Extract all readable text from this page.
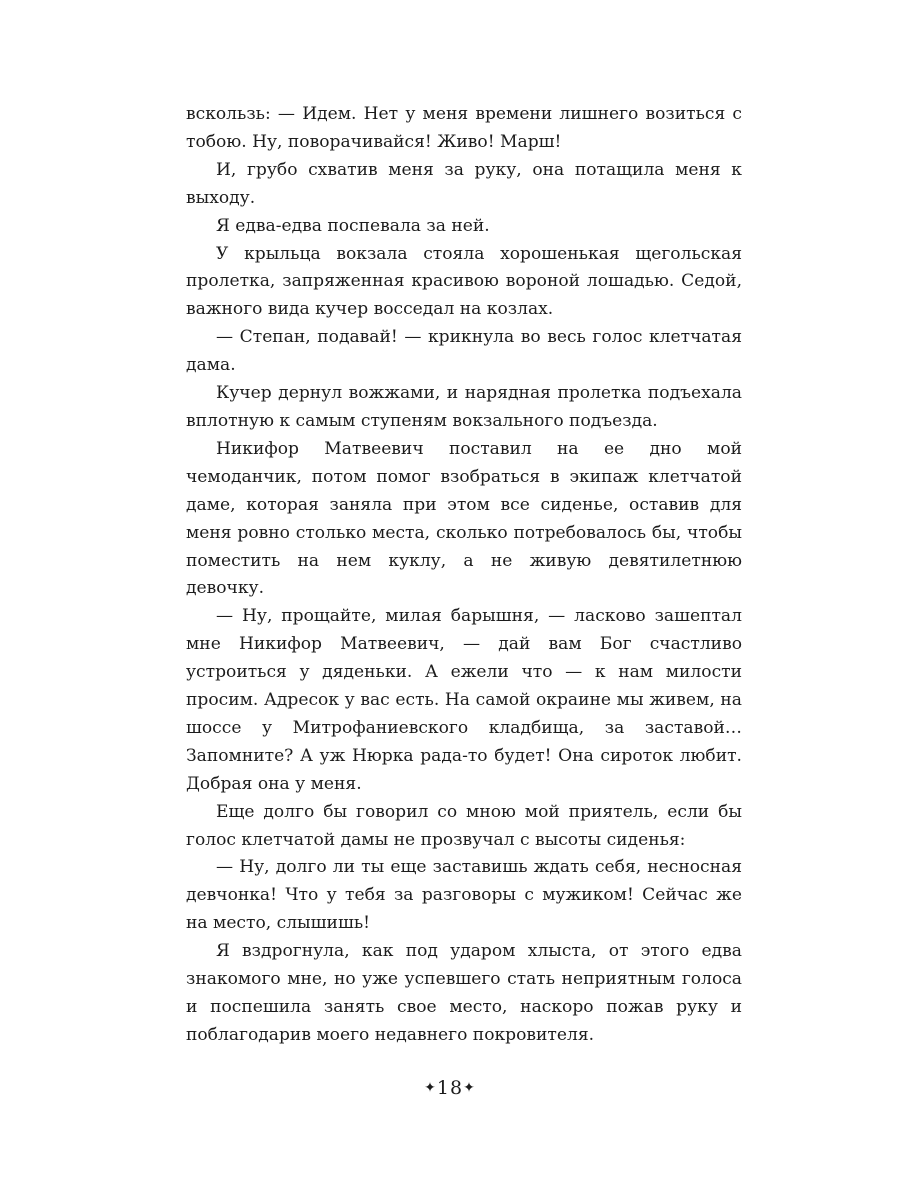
вскользь: — Идем. Нет у меня времени лишнего возиться с тобою. Ну, поворачивайся! Живо! Марш!

И, грубо схватив меня за руку, она потащила меня к выходу.

Я едва-едва поспевала за ней.

У крыльца вокзала стояла хорошенькая щегольская пролетка, запряженная красивою вороной лошадью. Седой, важного вида кучер восседал на козлах.

— Степан, подавай! — крикнула во весь голос клетчатая дама.

Кучер дернул вожжами, и нарядная пролетка подъехала вплотную к самым ступеням вокзального подъезда.

Никифор Матвеевич поставил на ее дно мой чемоданчик, потом помог взобраться в экипаж клетчатой даме, которая заняла при этом все сиденье, оставив для меня ровно столько места, сколько потребовалось бы, чтобы поместить на нем куклу, а не живую девятилетнюю девочку.

— Ну, прощайте, милая барышня, — ласково зашептал мне Никифор Матвеевич, — дай вам Бог счастливо устроиться у дяденьки. А ежели что — к нам милости просим. Адресок у вас есть. На самой окраине мы живем, на шоссе у Митрофаниевского кладбища, за заставой… Запомните? А уж Нюрка рада-то будет! Она сироток любит. Добрая она у меня.

Еще долго бы говорил со мною мой приятель, если бы голос клетчатой дамы не прозвучал с высоты сиденья:

— Ну, долго ли ты еще заставишь ждать себя, несносная девчонка! Что у тебя за разговоры с мужиком! Сейчас же на место, слышишь!

Я вздрогнула, как под ударом хлыста, от этого едва знакомого мне, но уже успевшего стать неприятным голоса и поспешила занять свое место, наскоро пожав руку и поблагодарив моего недавнего покровителя.

✦18✦
